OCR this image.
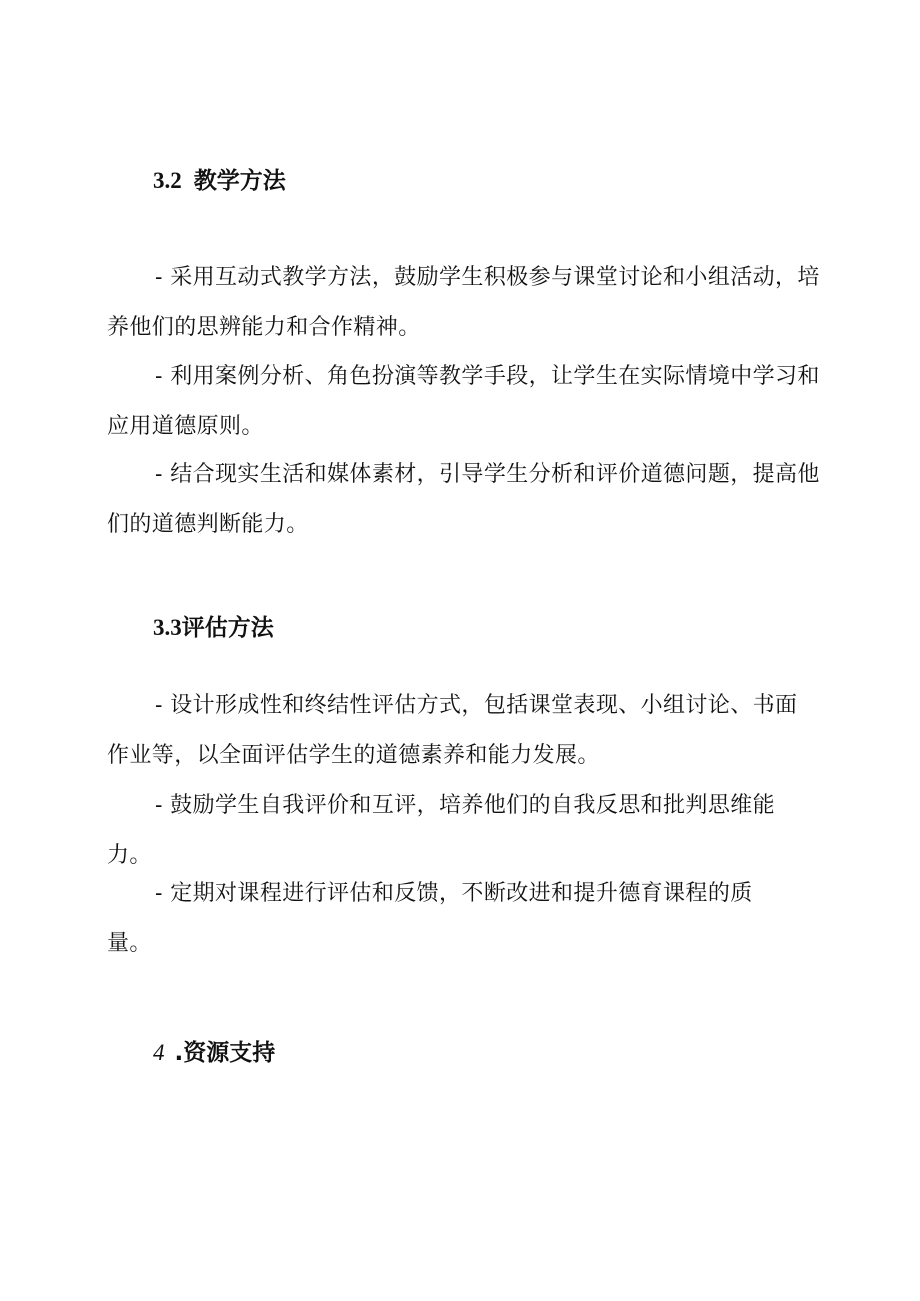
3.2 教学方法

- 采用互动式教学方法，鼓励学生积极参与课堂讨论和小组活动，培养他们的思辨能力和合作精神。

- 利用案例分析、角色扮演等教学手段，让学生在实际情境中学习和应用道德原则。

- 结合现实生活和媒体素材，引导学生分析和评价道德问题，提高他们的道德判断能力。

3.3评估方法

- 设计形成性和终结性评估方式，包括课堂表现、小组讨论、书面作业等，以全面评估学生的道德素养和能力发展。

- 鼓励学生自我评价和互评，培养他们的自我反思和批判思维能力。

- 定期对课程进行评估和反馈，不断改进和提升德育课程的质量。

4 .资源支持
